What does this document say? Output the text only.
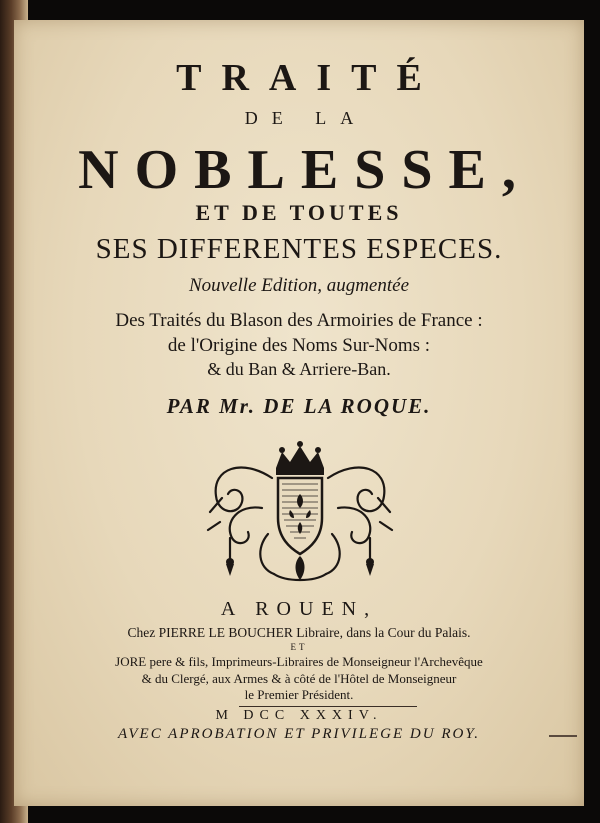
TRAITÉ
DE LA
NOBLESSE,
ET DE TOUTES
SES DIFFERENTES ESPECES.
Nouvelle Edition, augmentée
Des Traités du Blason des Armoiries de France :
de l'Origine des Noms Sur-Noms :
& du Ban & Arriere-Ban.
PAR Mr. DE LA ROQUE.
A ROUEN,
Chez PIERRE LE BOUCHER Libraire, dans la Cour du Palais.
ET
JORE pere & fils, Imprimeurs-Libraires de Monseigneur l'Archevêque
& du Clergé, aux Armes & à côté de l'Hôtel de Monseigneur
le Premier Président.
M DCC XXXIV.
AVEC APROBATION ET PRIVILEGE DU ROY.
